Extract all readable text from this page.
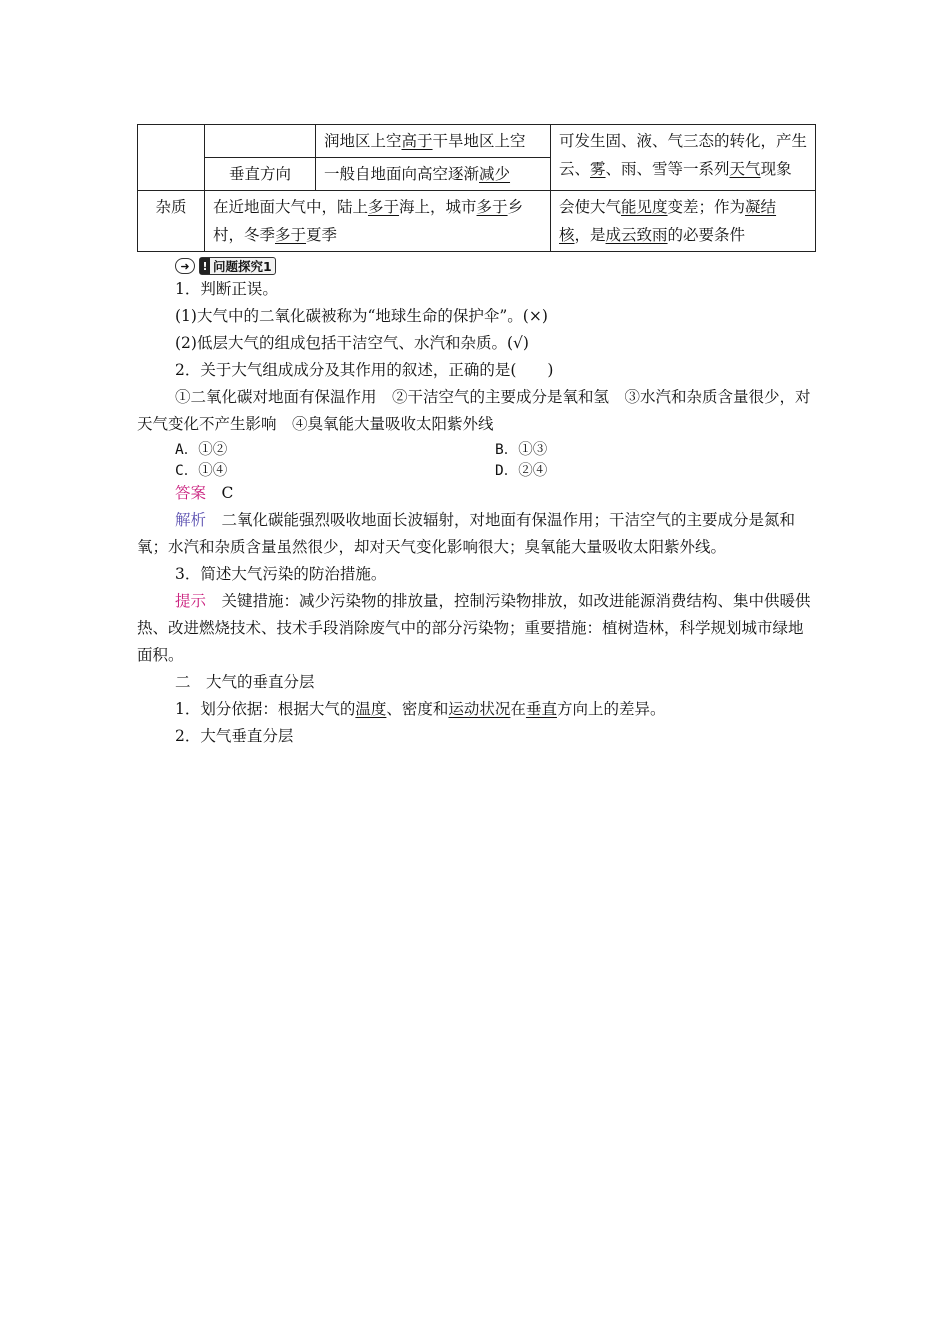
		润地区上空高于干旱地区上空	可发生固、液、气三态的转化，产生云、雾、雨、雪等一系列天气现象
	垂直方向	一般自地面向高空逐渐减少	
杂质	在近地面大气中，陆上多于海上，城市多于乡村，冬季多于夏季		会使大气能见度变差；作为凝结核，是成云致雨的必要条件
➜	! 问题探究1

1．判断正误。

(1)大气中的二氧化碳被称为“地球生命的保护伞”。(×)

(2)低层大气的组成包括干洁空气、水汽和杂质。(√)

2．关于大气组成成分及其作用的叙述，正确的是(　　)

①二氧化碳对地面有保温作用　②干洁空气的主要成分是氧和氢　③水汽和杂质含量很少，对天气变化不产生影响　④臭氧能大量吸收太阳紫外线

A．①②	B．①③
C．①④	D．②④

答案　 C

解析　 二氧化碳能强烈吸收地面长波辐射，对地面有保温作用；干洁空气的主要成分是氮和氧；水汽和杂质含量虽然很少，却对天气变化影响很大；臭氧能大量吸收太阳紫外线。

3．简述大气污染的防治措施。

提示　 关键措施：减少污染物的排放量，控制污染物排放，如改进能源消费结构、集中供暖供热、改进燃烧技术、技术手段消除废气中的部分污染物；重要措施：植树造林，科学规划城市绿地面积。

二　大气的垂直分层

1．划分依据：根据大气的温度、密度和运动状况在垂直方向上的差异。

2．大气垂直分层
